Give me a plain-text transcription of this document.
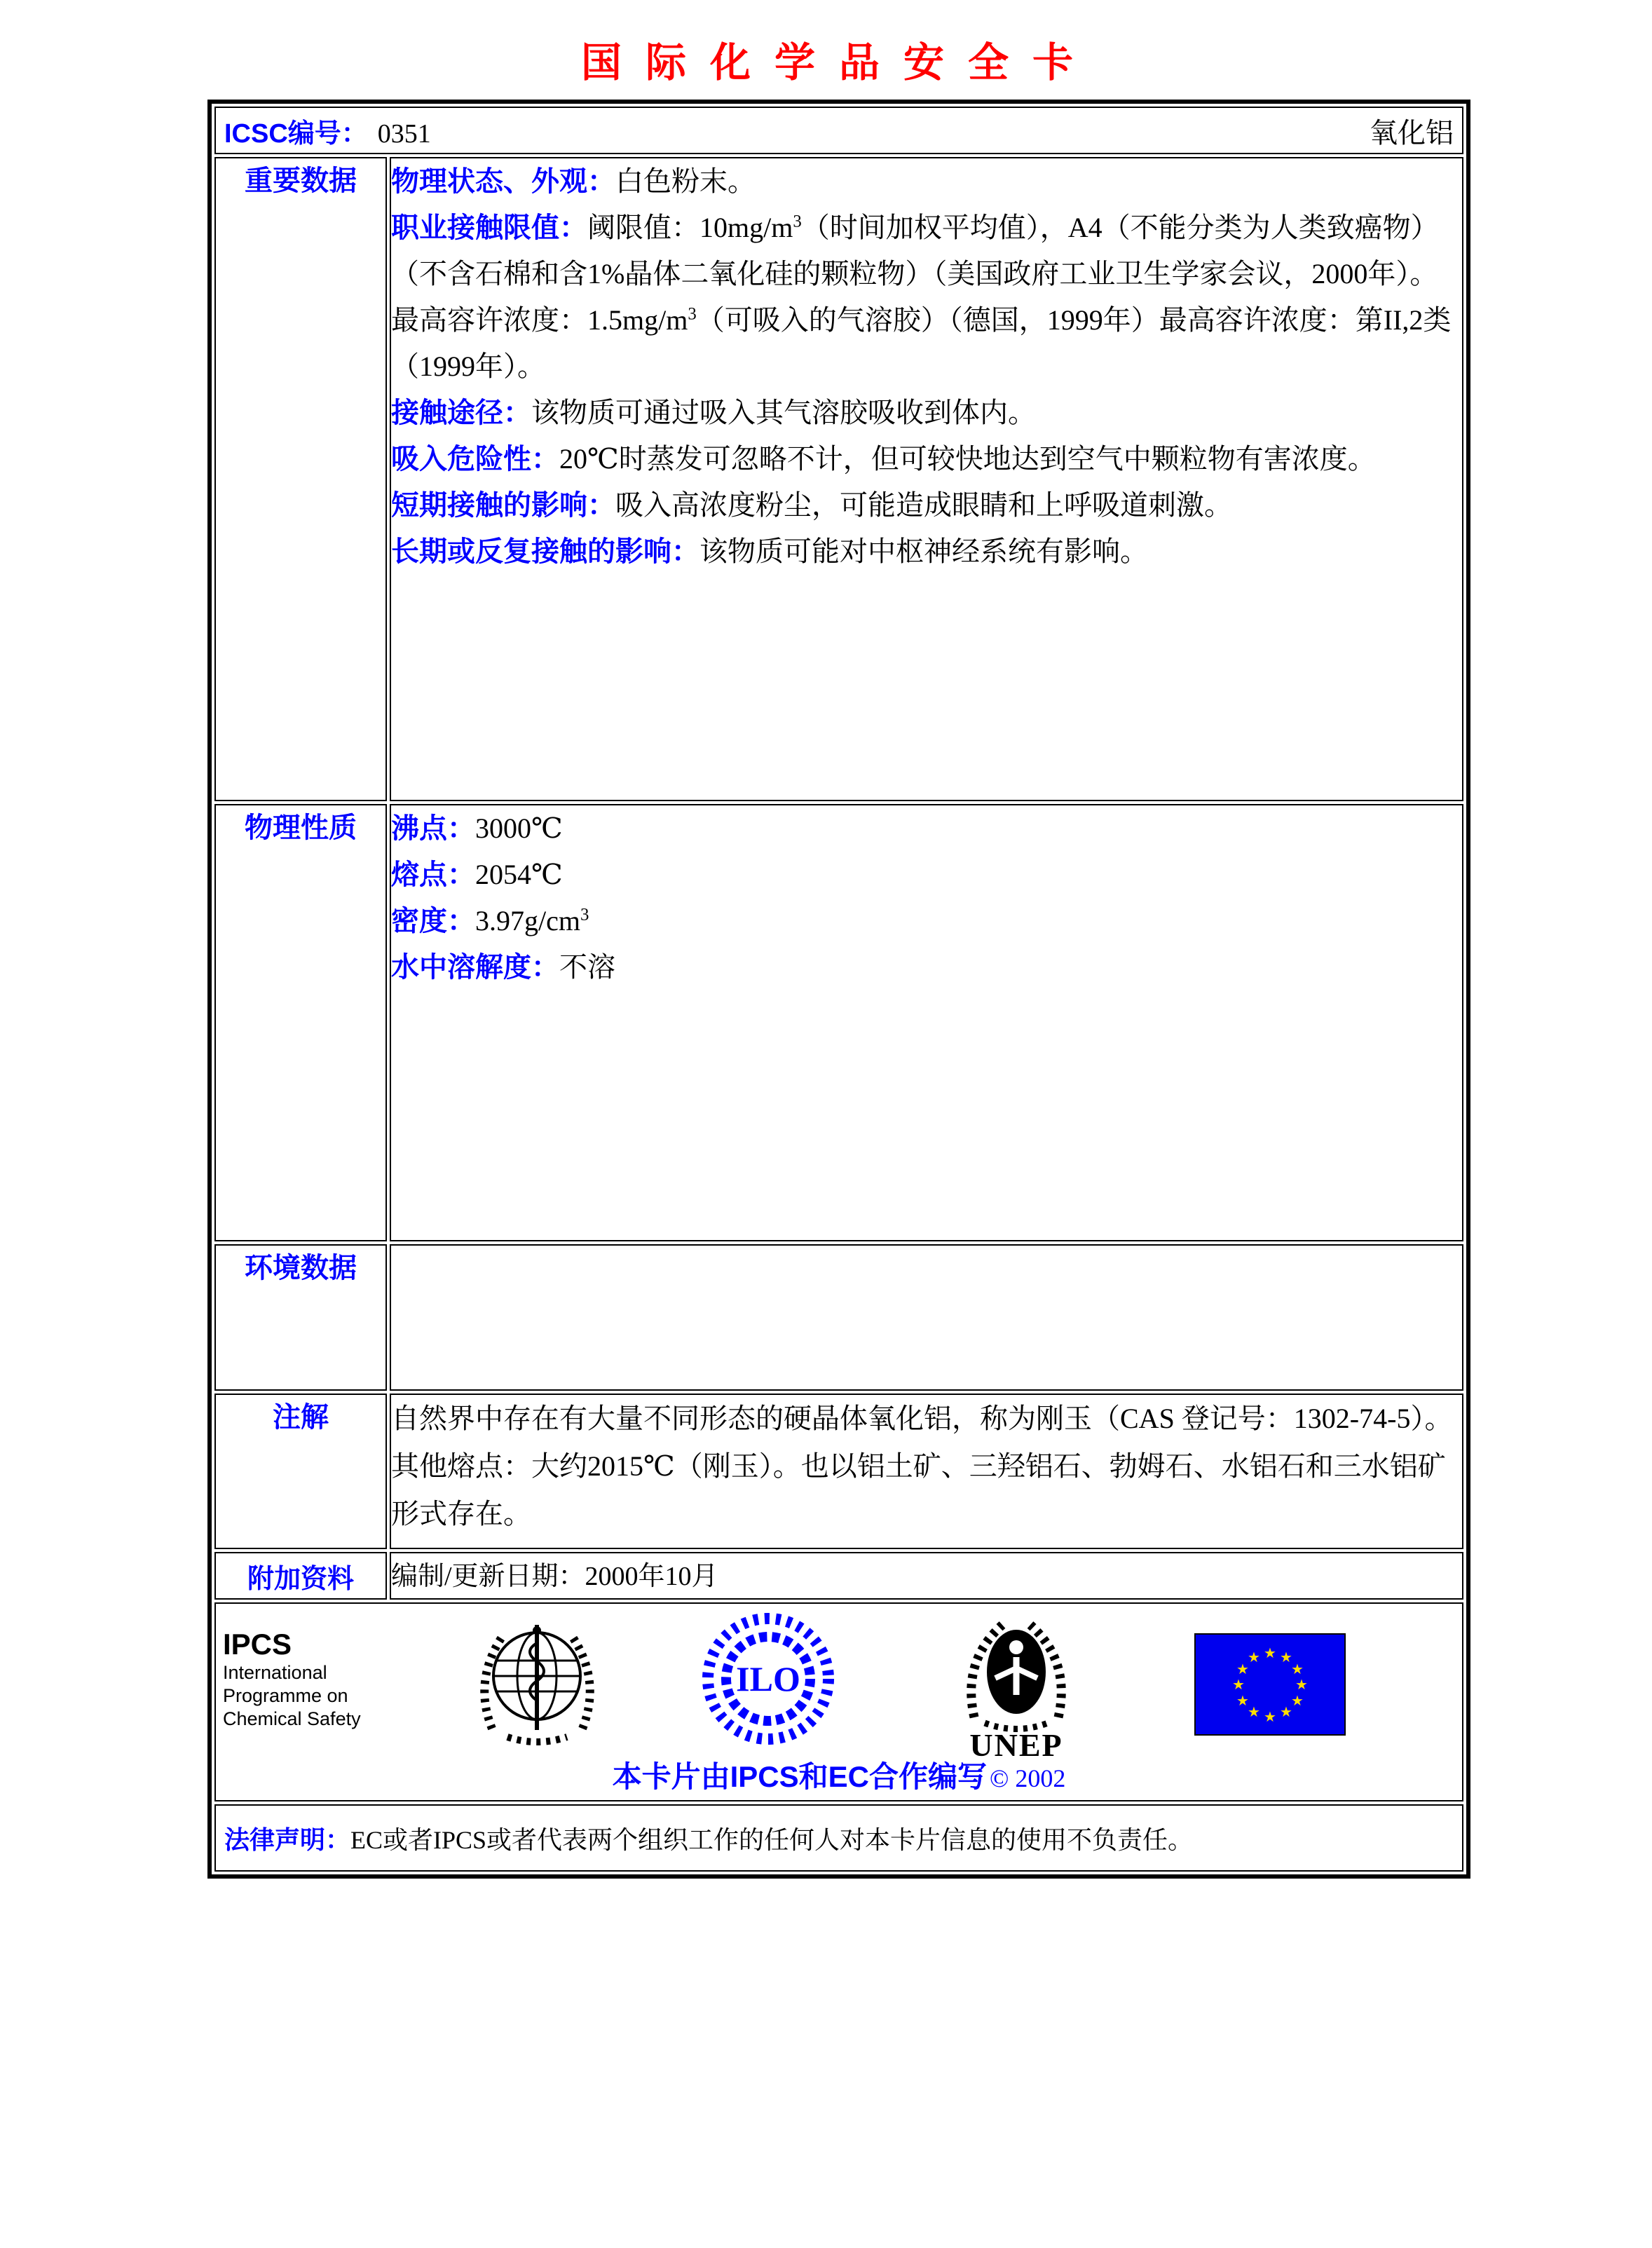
国际化学品安全卡
ICSC编号： 0351 氧化铝	

重要数据	物理状态、外观：白色粉末。
职业接触限值：阈限值：$10mg/m^3$（时间加权平均值），A4（不能分类为人类致癌物）（不含石棉和含1%晶体二氧化硅的颗粒物）（美国政府工业卫生学家会议，2000年）。最高容许浓度：$1.5mg/m^3$（可吸入的气溶胶）（德国，1999年）最高容许浓度：第II,2类（1999年）。
接触途径：该物质可通过吸入其气溶胶吸收到体内。
吸入危险性：20℃时蒸发可忽略不计，但可较快地达到空气中颗粒物有害浓度。
短期接触的影响：吸入高浓度粉尘，可能造成眼睛和上呼吸道刺激。
长期或反复接触的影响：该物质可能对中枢神经系统有影响。

物理性质	沸点：3000℃
熔点：2054℃
密度：$3.97g/cm^3$
水中溶解度：不溶

环境数据	
注解	自然界中存在有大量不同形态的硬晶体氧化铝，称为刚玉（CAS 登记号：1302-74-5）。其他熔点：大约2015℃（刚玉）。也以铝土矿、三羟铝石、勃姆石、水铝石和三水铝矿形式存在。
附加资料	编制/更新日期：2000年10月

IPCS
International
Programme on
Chemical Safety
ILO
UNEP
★ ★
★
★
★
★
★
★
★
★
★
★
本卡片由IPCS和EC合作编写 © 2002

法律声明：EC或者IPCS或者代表两个组织工作的任何人对本卡片信息的使用不负责任。	
